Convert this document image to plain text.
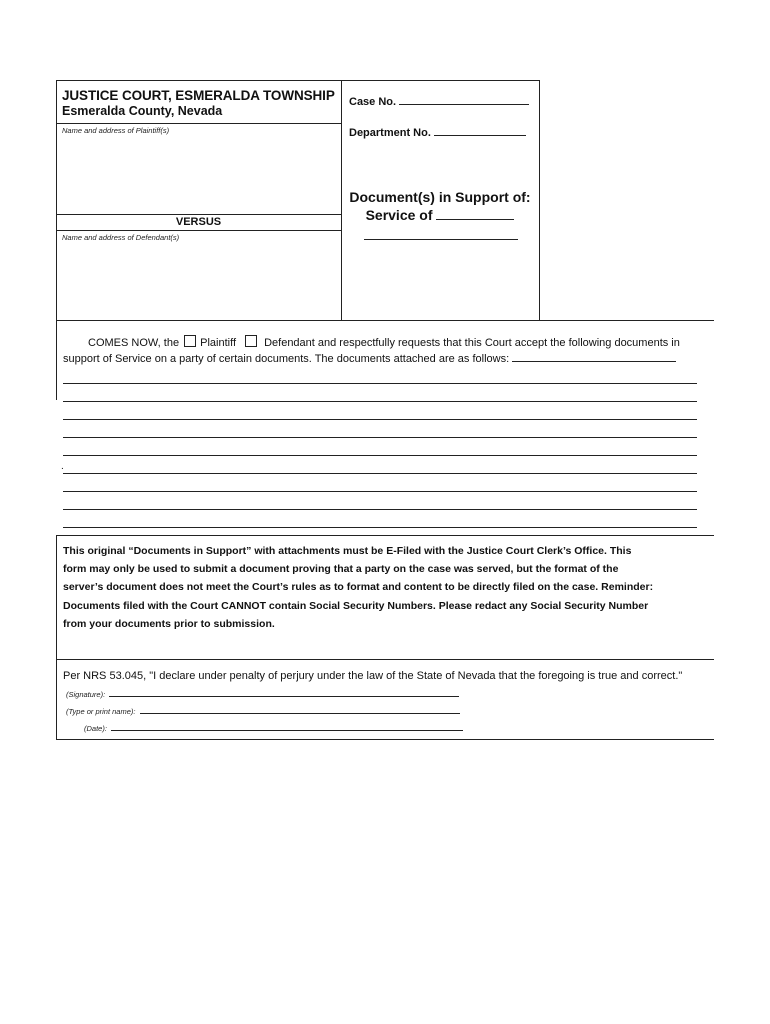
JUSTICE COURT, ESMERALDA TOWNSHIP
Esmeralda County, Nevada
Name and address of Plaintiff(s)
VERSUS
Name and address of Defendant(s)
Case No.
Department No.
Document(s) in Support of:
Service of
COMES NOW, the Plaintiff	Defendant and respectfully requests that this Court accept the following documents in
support of Service on a party of certain documents. The documents attached are as follows:
.
This original “Documents in Support” with attachments must be E-Filed with the Justice Court Clerk’s Office. This
form may only be used to submit a document proving that a party on the case was served, but the format of the
server’s document does not meet the Court’s rules as to format and content to be directly filed on the case. Reminder:
Documents filed with the Court CANNOT contain Social Security Numbers. Please redact any Social Security Number
from your documents prior to submission.
Per NRS 53.045, "I declare under penalty of perjury under the law of the State of Nevada that the foregoing is true and correct."
(Signature):
(Type or print name):
(Date):
